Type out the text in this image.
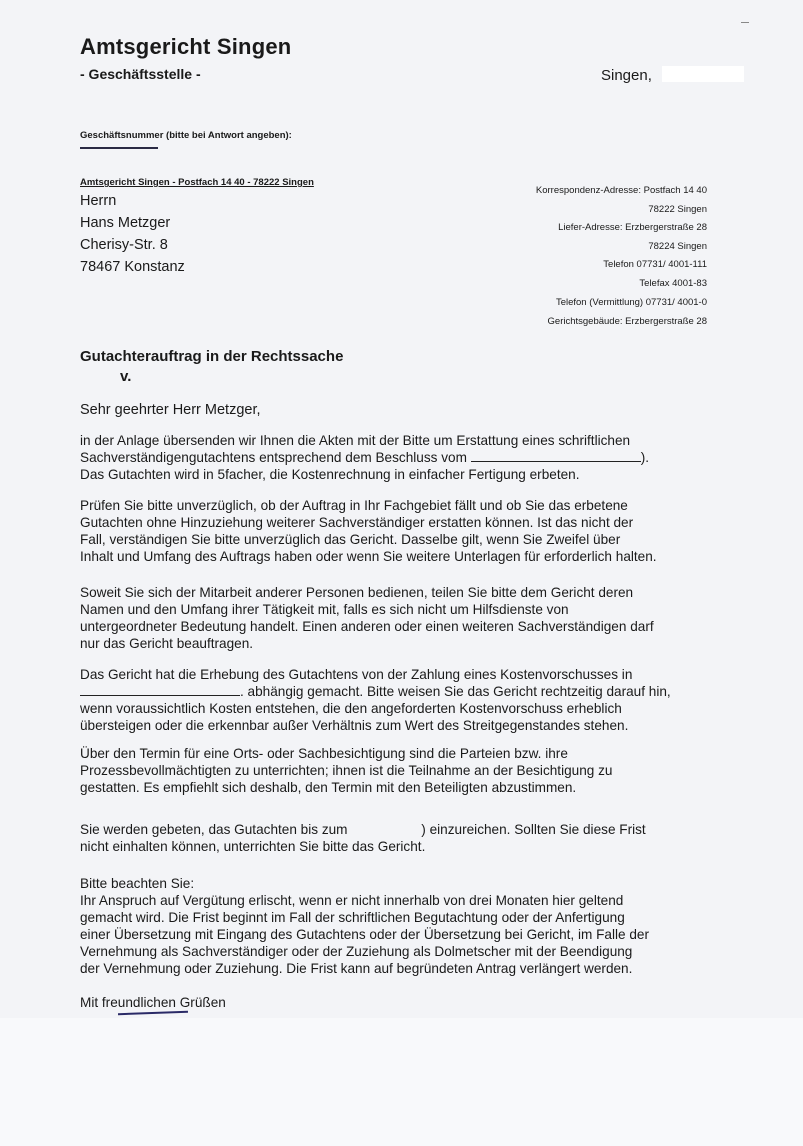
Amtsgericht Singen
- Geschäftsstelle -	Singen,
Geschäftsnummer (bitte bei Antwort angeben):
Amtsgericht Singen - Postfach 14 40 - 78222 Singen
Herrn
Hans Metzger
Cherisy-Str. 8
78467 Konstanz
Korrespondenz-Adresse: Postfach 14 40
78222 Singen
Liefer-Adresse: Erzbergerstraße 28
78224 Singen
Telefon 07731/ 4001-111
Telefax 4001-83
Telefon (Vermittlung) 07731/ 4001-0
Gerichtsgebäude: Erzbergerstraße 28
Gutachterauftrag in der Rechtssache
v.
Sehr geehrter Herr Metzger,
in der Anlage übersenden wir Ihnen die Akten mit der Bitte um Erstattung eines schriftlichen
Sachverständigengutachtens entsprechend dem Beschluss vom	).
Das Gutachten wird in 5facher, die Kostenrechnung in einfacher Fertigung erbeten.
Prüfen Sie bitte unverzüglich, ob der Auftrag in Ihr Fachgebiet fällt und ob Sie das erbetene
Gutachten ohne Hinzuziehung weiterer Sachverständiger erstatten können. Ist das nicht der
Fall, verständigen Sie bitte unverzüglich das Gericht. Dasselbe gilt, wenn Sie Zweifel über
Inhalt und Umfang des Auftrags haben oder wenn Sie weitere Unterlagen für erforderlich halten.
Soweit Sie sich der Mitarbeit anderer Personen bedienen, teilen Sie bitte dem Gericht deren
Namen und den Umfang ihrer Tätigkeit mit, falls es sich nicht um Hilfsdienste von
untergeordneter Bedeutung handelt. Einen anderen oder einen weiteren Sachverständigen darf
nur das Gericht beauftragen.
Das Gericht hat die Erhebung des Gutachtens von der Zahlung eines Kostenvorschusses in
. abhängig gemacht. Bitte weisen Sie das Gericht rechtzeitig darauf hin,
wenn voraussichtlich Kosten entstehen, die den angeforderten Kostenvorschuss erheblich
übersteigen oder die erkennbar außer Verhältnis zum Wert des Streitgegenstandes stehen.
Über den Termin für eine Orts- oder Sachbesichtigung sind die Parteien bzw. ihre
Prozessbevollmächtigten zu unterrichten; ihnen ist die Teilnahme an der Besichtigung zu
gestatten. Es empfiehlt sich deshalb, den Termin mit den Beteiligten abzustimmen.
Sie werden gebeten, das Gutachten bis zum	) einzureichen. Sollten Sie diese Frist
nicht einhalten können, unterrichten Sie bitte das Gericht.
Bitte beachten Sie:
Ihr Anspruch auf Vergütung erlischt, wenn er nicht innerhalb von drei Monaten hier geltend
gemacht wird. Die Frist beginnt im Fall der schriftlichen Begutachtung oder der Anfertigung
einer Übersetzung mit Eingang des Gutachtens oder der Übersetzung bei Gericht, im Falle der
Vernehmung als Sachverständiger oder der Zuziehung als Dolmetscher mit der Beendigung
der Vernehmung oder Zuziehung. Die Frist kann auf begründeten Antrag verlängert werden.
Mit freundlichen Grüßen
